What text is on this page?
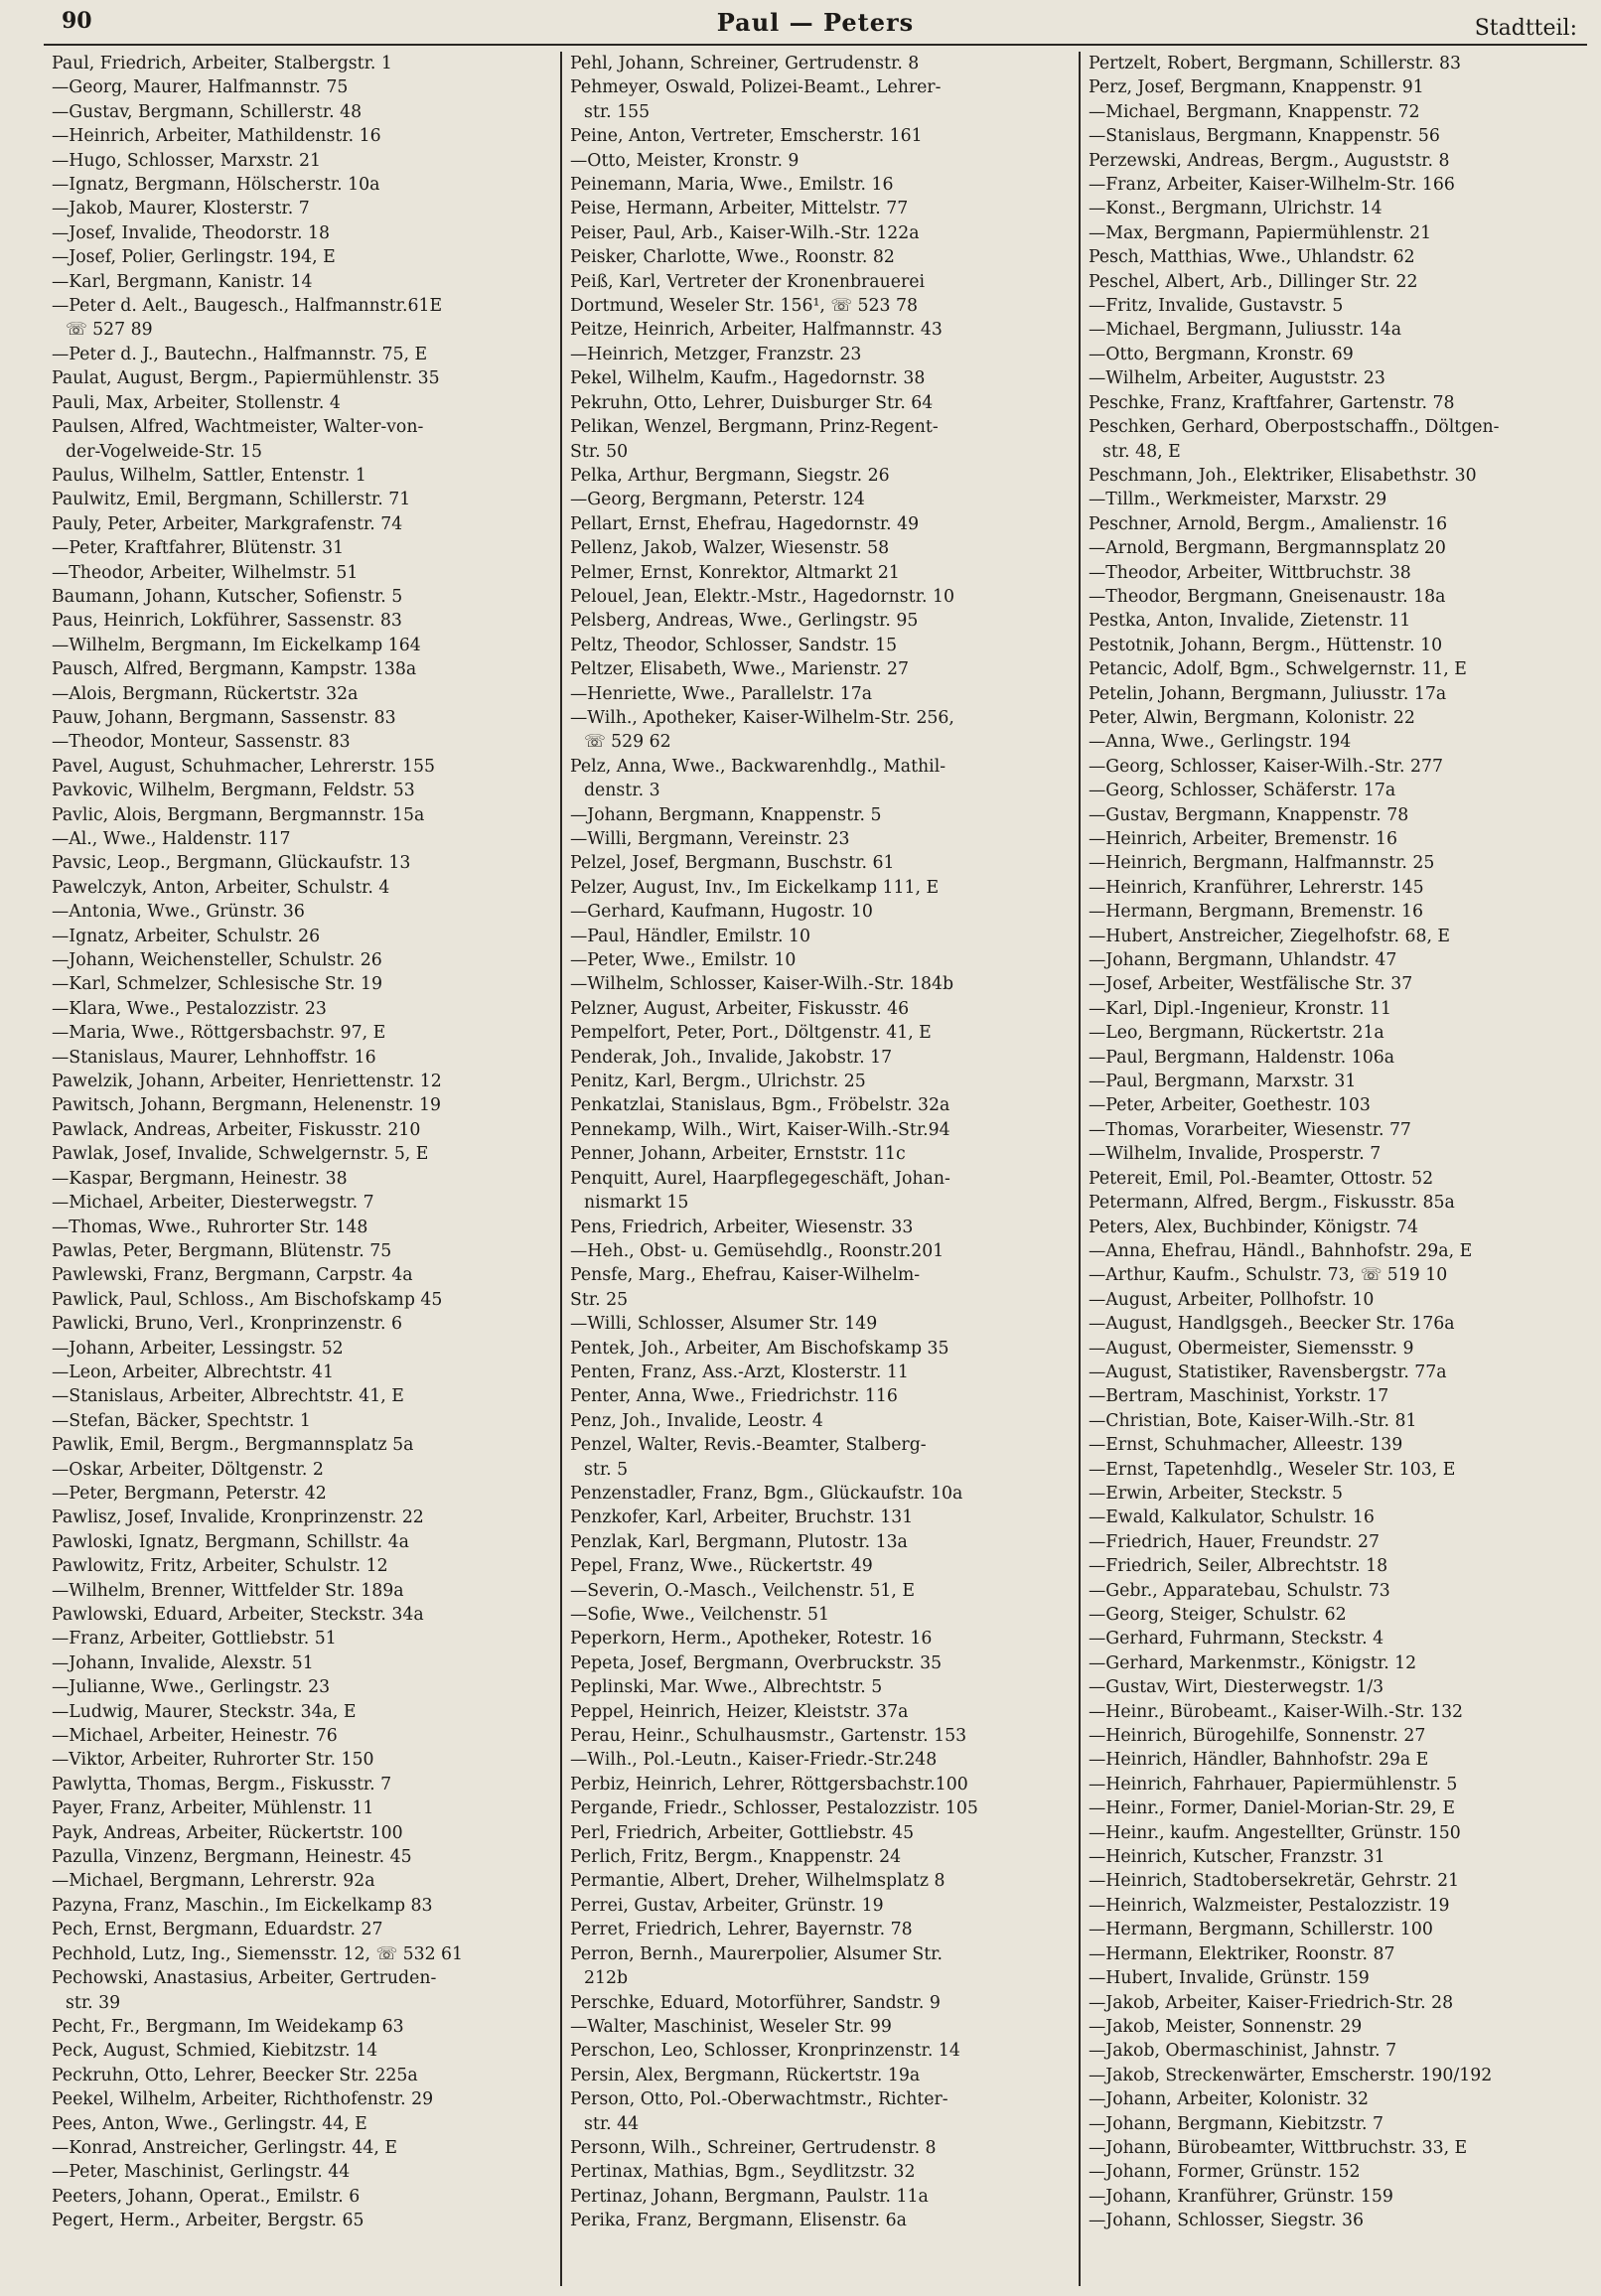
90	Paul — Peters	Stadtteil:
Paul, Friedrich, Arbeiter, Stalbergstr. 1
—Georg, Maurer, Halfmannstr. 75
—Gustav, Bergmann, Schillerstr. 48
—Heinrich, Arbeiter, Mathildenstr. 16
—Hugo, Schlosser, Marxstr. 21
—Ignatz, Bergmann, Hölscherstr. 10a
—Jakob, Maurer, Klosterstr. 7
—Josef, Invalide, Theodorstr. 18
—Josef, Polier, Gerlingstr. 194, E
—Karl, Bergmann, Kanistr. 14
—Peter d. Aelt., Baugesch., Halfmannstr.61E
☏ 527 89
—Peter d. J., Bautechn., Halfmannstr. 75, E
Paulat, August, Bergm., Papiermühlenstr. 35
Pauli, Max, Arbeiter, Stollenstr. 4
Paulsen, Alfred, Wachtmeister, Walter-von-
der-Vogelweide-Str. 15
Paulus, Wilhelm, Sattler, Entenstr. 1
Paulwitz, Emil, Bergmann, Schillerstr. 71
Pauly, Peter, Arbeiter, Markgrafenstr. 74
—Peter, Kraftfahrer, Blütenstr. 31
—Theodor, Arbeiter, Wilhelmstr. 51
Baumann, Johann, Kutscher, Sofienstr. 5
Paus, Heinrich, Lokführer, Sassenstr. 83
—Wilhelm, Bergmann, Im Eickelkamp 164
Pausch, Alfred, Bergmann, Kampstr. 138a
—Alois, Bergmann, Rückertstr. 32a
Pauw, Johann, Bergmann, Sassenstr. 83
—Theodor, Monteur, Sassenstr. 83
Pavel, August, Schuhmacher, Lehrerstr. 155
Pavkovic, Wilhelm, Bergmann, Feldstr. 53
Pavlic, Alois, Bergmann, Bergmannstr. 15a
—Al., Wwe., Haldenstr. 117
Pavsic, Leop., Bergmann, Glückaufstr. 13
Pawelczyk, Anton, Arbeiter, Schulstr. 4
—Antonia, Wwe., Grünstr. 36
—Ignatz, Arbeiter, Schulstr. 26
—Johann, Weichensteller, Schulstr. 26
—Karl, Schmelzer, Schlesische Str. 19
—Klara, Wwe., Pestalozzistr. 23
—Maria, Wwe., Röttgersbachstr. 97, E
—Stanislaus, Maurer, Lehnhoffstr. 16
Pawelzik, Johann, Arbeiter, Henriettenstr. 12
Pawitsch, Johann, Bergmann, Helenenstr. 19
Pawlack, Andreas, Arbeiter, Fiskusstr. 210
Pawlak, Josef, Invalide, Schwelgernstr. 5, E
—Kaspar, Bergmann, Heinestr. 38
—Michael, Arbeiter, Diesterwegstr. 7
—Thomas, Wwe., Ruhrorter Str. 148
Pawlas, Peter, Bergmann, Blütenstr. 75
Pawlewski, Franz, Bergmann, Carpstr. 4a
Pawlick, Paul, Schloss., Am Bischofskamp 45
Pawlicki, Bruno, Verl., Kronprinzenstr. 6
—Johann, Arbeiter, Lessingstr. 52
—Leon, Arbeiter, Albrechtstr. 41
—Stanislaus, Arbeiter, Albrechtstr. 41, E
—Stefan, Bäcker, Spechtstr. 1
Pawlik, Emil, Bergm., Bergmannsplatz 5a
—Oskar, Arbeiter, Döltgenstr. 2
—Peter, Bergmann, Peterstr. 42
Pawlisz, Josef, Invalide, Kronprinzenstr. 22
Pawloski, Ignatz, Bergmann, Schillstr. 4a
Pawlowitz, Fritz, Arbeiter, Schulstr. 12
—Wilhelm, Brenner, Wittfelder Str. 189a
Pawlowski, Eduard, Arbeiter, Steckstr. 34a
—Franz, Arbeiter, Gottliebstr. 51
—Johann, Invalide, Alexstr. 51
—Julianne, Wwe., Gerlingstr. 23
—Ludwig, Maurer, Steckstr. 34a, E
—Michael, Arbeiter, Heinestr. 76
—Viktor, Arbeiter, Ruhrorter Str. 150
Pawlytta, Thomas, Bergm., Fiskusstr. 7
Payer, Franz, Arbeiter, Mühlenstr. 11
Payk, Andreas, Arbeiter, Rückertstr. 100
Pazulla, Vinzenz, Bergmann, Heinestr. 45
—Michael, Bergmann, Lehrerstr. 92a
Pazyna, Franz, Maschin., Im Eickelkamp 83
Pech, Ernst, Bergmann, Eduardstr. 27
Pechhold, Lutz, Ing., Siemensstr. 12, ☏ 532 61
Pechowski, Anastasius, Arbeiter, Gertruden-
str. 39
Pecht, Fr., Bergmann, Im Weidekamp 63
Peck, August, Schmied, Kiebitzstr. 14
Peckruhn, Otto, Lehrer, Beecker Str. 225a
Peekel, Wilhelm, Arbeiter, Richthofenstr. 29
Pees, Anton, Wwe., Gerlingstr. 44, E
—Konrad, Anstreicher, Gerlingstr. 44, E
—Peter, Maschinist, Gerlingstr. 44
Peeters, Johann, Operat., Emilstr. 6
Pegert, Herm., Arbeiter, Bergstr. 65
Pehl, Johann, Schreiner, Gertrudenstr. 8
Pehmeyer, Oswald, Polizei-Beamt., Lehrer-
str. 155
Peine, Anton, Vertreter, Emscherstr. 161
—Otto, Meister, Kronstr. 9
Peinemann, Maria, Wwe., Emilstr. 16
Peise, Hermann, Arbeiter, Mittelstr. 77
Peiser, Paul, Arb., Kaiser-Wilh.-Str. 122a
Peisker, Charlotte, Wwe., Roonstr. 82
Peiß, Karl, Vertreter der Kronenbrauerei
Dortmund, Weseler Str. 156¹, ☏ 523 78
Peitze, Heinrich, Arbeiter, Halfmannstr. 43
—Heinrich, Metzger, Franzstr. 23
Pekel, Wilhelm, Kaufm., Hagedornstr. 38
Pekruhn, Otto, Lehrer, Duisburger Str. 64
Pelikan, Wenzel, Bergmann, Prinz-Regent-
Str. 50
Pelka, Arthur, Bergmann, Siegstr. 26
—Georg, Bergmann, Peterstr. 124
Pellart, Ernst, Ehefrau, Hagedornstr. 49
Pellenz, Jakob, Walzer, Wiesenstr. 58
Pelmer, Ernst, Konrektor, Altmarkt 21
Pelouel, Jean, Elektr.-Mstr., Hagedornstr. 10
Pelsberg, Andreas, Wwe., Gerlingstr. 95
Peltz, Theodor, Schlosser, Sandstr. 15
Peltzer, Elisabeth, Wwe., Marienstr. 27
—Henriette, Wwe., Parallelstr. 17a
—Wilh., Apotheker, Kaiser-Wilhelm-Str. 256,
☏ 529 62
Pelz, Anna, Wwe., Backwarenhdlg., Mathil-
denstr. 3
—Johann, Bergmann, Knappenstr. 5
—Willi, Bergmann, Vereinstr. 23
Pelzel, Josef, Bergmann, Buschstr. 61
Pelzer, August, Inv., Im Eickelkamp 111, E
—Gerhard, Kaufmann, Hugostr. 10
—Paul, Händler, Emilstr. 10
—Peter, Wwe., Emilstr. 10
—Wilhelm, Schlosser, Kaiser-Wilh.-Str. 184b
Pelzner, August, Arbeiter, Fiskusstr. 46
Pempelfort, Peter, Port., Döltgenstr. 41, E
Penderak, Joh., Invalide, Jakobstr. 17
Penitz, Karl, Bergm., Ulrichstr. 25
Penkatzlai, Stanislaus, Bgm., Fröbelstr. 32a
Pennekamp, Wilh., Wirt, Kaiser-Wilh.-Str.94
Penner, Johann, Arbeiter, Ernststr. 11c
Penquitt, Aurel, Haarpflegegeschäft, Johan-
nismarkt 15
Pens, Friedrich, Arbeiter, Wiesenstr. 33
—Heh., Obst- u. Gemüsehdlg., Roonstr.201
Pensfe, Marg., Ehefrau, Kaiser-Wilhelm-
Str. 25
—Willi, Schlosser, Alsumer Str. 149
Pentek, Joh., Arbeiter, Am Bischofskamp 35
Penten, Franz, Ass.-Arzt, Klosterstr. 11
Penter, Anna, Wwe., Friedrichstr. 116
Penz, Joh., Invalide, Leostr. 4
Penzel, Walter, Revis.-Beamter, Stalberg-
str. 5
Penzenstadler, Franz, Bgm., Glückaufstr. 10a
Penzkofer, Karl, Arbeiter, Bruchstr. 131
Penzlak, Karl, Bergmann, Plutostr. 13a
Pepel, Franz, Wwe., Rückertstr. 49
—Severin, O.-Masch., Veilchenstr. 51, E
—Sofie, Wwe., Veilchenstr. 51
Peperkorn, Herm., Apotheker, Rotestr. 16
Pepeta, Josef, Bergmann, Overbruckstr. 35
Peplinski, Mar. Wwe., Albrechtstr. 5
Peppel, Heinrich, Heizer, Kleiststr. 37a
Perau, Heinr., Schulhausmstr., Gartenstr. 153
—Wilh., Pol.-Leutn., Kaiser-Friedr.-Str.248
Perbiz, Heinrich, Lehrer, Röttgersbachstr.100
Pergande, Friedr., Schlosser, Pestalozzistr. 105
Perl, Friedrich, Arbeiter, Gottliebstr. 45
Perlich, Fritz, Bergm., Knappenstr. 24
Permantie, Albert, Dreher, Wilhelmsplatz 8
Perrei, Gustav, Arbeiter, Grünstr. 19
Perret, Friedrich, Lehrer, Bayernstr. 78
Perron, Bernh., Maurerpolier, Alsumer Str.
212b
Perschke, Eduard, Motorführer, Sandstr. 9
—Walter, Maschinist, Weseler Str. 99
Perschon, Leo, Schlosser, Kronprinzenstr. 14
Persin, Alex, Bergmann, Rückertstr. 19a
Person, Otto, Pol.-Oberwachtmstr., Richter-
str. 44
Personn, Wilh., Schreiner, Gertrudenstr. 8
Pertinax, Mathias, Bgm., Seydlitzstr. 32
Pertinaz, Johann, Bergmann, Paulstr. 11a
Perika, Franz, Bergmann, Elisenstr. 6a
Pertzelt, Robert, Bergmann, Schillerstr. 83
Perz, Josef, Bergmann, Knappenstr. 91
—Michael, Bergmann, Knappenstr. 72
—Stanislaus, Bergmann, Knappenstr. 56
Perzewski, Andreas, Bergm., Auguststr. 8
—Franz, Arbeiter, Kaiser-Wilhelm-Str. 166
—Konst., Bergmann, Ulrichstr. 14
—Max, Bergmann, Papiermühlenstr. 21
Pesch, Matthias, Wwe., Uhlandstr. 62
Peschel, Albert, Arb., Dillinger Str. 22
—Fritz, Invalide, Gustavstr. 5
—Michael, Bergmann, Juliusstr. 14a
—Otto, Bergmann, Kronstr. 69
—Wilhelm, Arbeiter, Auguststr. 23
Peschke, Franz, Kraftfahrer, Gartenstr. 78
Peschken, Gerhard, Oberpostschaffn., Döltgen-
str. 48, E
Peschmann, Joh., Elektriker, Elisabethstr. 30
—Tillm., Werkmeister, Marxstr. 29
Peschner, Arnold, Bergm., Amalienstr. 16
—Arnold, Bergmann, Bergmannsplatz 20
—Theodor, Arbeiter, Wittbruchstr. 38
—Theodor, Bergmann, Gneisenaustr. 18a
Pestka, Anton, Invalide, Zietenstr. 11
Pestotnik, Johann, Bergm., Hüttenstr. 10
Petancic, Adolf, Bgm., Schwelgernstr. 11, E
Petelin, Johann, Bergmann, Juliusstr. 17a
Peter, Alwin, Bergmann, Kolonistr. 22
—Anna, Wwe., Gerlingstr. 194
—Georg, Schlosser, Kaiser-Wilh.-Str. 277
—Georg, Schlosser, Schäferstr. 17a
—Gustav, Bergmann, Knappenstr. 78
—Heinrich, Arbeiter, Bremenstr. 16
—Heinrich, Bergmann, Halfmannstr. 25
—Heinrich, Kranführer, Lehrerstr. 145
—Hermann, Bergmann, Bremenstr. 16
—Hubert, Anstreicher, Ziegelhofstr. 68, E
—Johann, Bergmann, Uhlandstr. 47
—Josef, Arbeiter, Westfälische Str. 37
—Karl, Dipl.-Ingenieur, Kronstr. 11
—Leo, Bergmann, Rückertstr. 21a
—Paul, Bergmann, Haldenstr. 106a
—Paul, Bergmann, Marxstr. 31
—Peter, Arbeiter, Goethestr. 103
—Thomas, Vorarbeiter, Wiesenstr. 77
—Wilhelm, Invalide, Prosperstr. 7
Petereit, Emil, Pol.-Beamter, Ottostr. 52
Petermann, Alfred, Bergm., Fiskusstr. 85a
Peters, Alex, Buchbinder, Königstr. 74
—Anna, Ehefrau, Händl., Bahnhofstr. 29a, E
—Arthur, Kaufm., Schulstr. 73, ☏ 519 10
—August, Arbeiter, Pollhofstr. 10
—August, Handlgsgeh., Beecker Str. 176a
—August, Obermeister, Siemensstr. 9
—August, Statistiker, Ravensbergstr. 77a
—Bertram, Maschinist, Yorkstr. 17
—Christian, Bote, Kaiser-Wilh.-Str. 81
—Ernst, Schuhmacher, Alleestr. 139
—Ernst, Tapetenhdlg., Weseler Str. 103, E
—Erwin, Arbeiter, Steckstr. 5
—Ewald, Kalkulator, Schulstr. 16
—Friedrich, Hauer, Freundstr. 27
—Friedrich, Seiler, Albrechtstr. 18
—Gebr., Apparatebau, Schulstr. 73
—Georg, Steiger, Schulstr. 62
—Gerhard, Fuhrmann, Steckstr. 4
—Gerhard, Markenmstr., Königstr. 12
—Gustav, Wirt, Diesterwegstr. 1/3
—Heinr., Bürobeamt., Kaiser-Wilh.-Str. 132
—Heinrich, Bürogehilfe, Sonnenstr. 27
—Heinrich, Händler, Bahnhofstr. 29a E
—Heinrich, Fahrhauer, Papiermühlenstr. 5
—Heinr., Former, Daniel-Morian-Str. 29, E
—Heinr., kaufm. Angestellter, Grünstr. 150
—Heinrich, Kutscher, Franzstr. 31
—Heinrich, Stadtobersekretär, Gehrstr. 21
—Heinrich, Walzmeister, Pestalozzistr. 19
—Hermann, Bergmann, Schillerstr. 100
—Hermann, Elektriker, Roonstr. 87
—Hubert, Invalide, Grünstr. 159
—Jakob, Arbeiter, Kaiser-Friedrich-Str. 28
—Jakob, Meister, Sonnenstr. 29
—Jakob, Obermaschinist, Jahnstr. 7
—Jakob, Streckenwärter, Emscherstr. 190/192
—Johann, Arbeiter, Kolonistr. 32
—Johann, Bergmann, Kiebitzstr. 7
—Johann, Bürobeamter, Wittbruchstr. 33, E
—Johann, Former, Grünstr. 152
—Johann, Kranführer, Grünstr. 159
—Johann, Schlosser, Siegstr. 36
